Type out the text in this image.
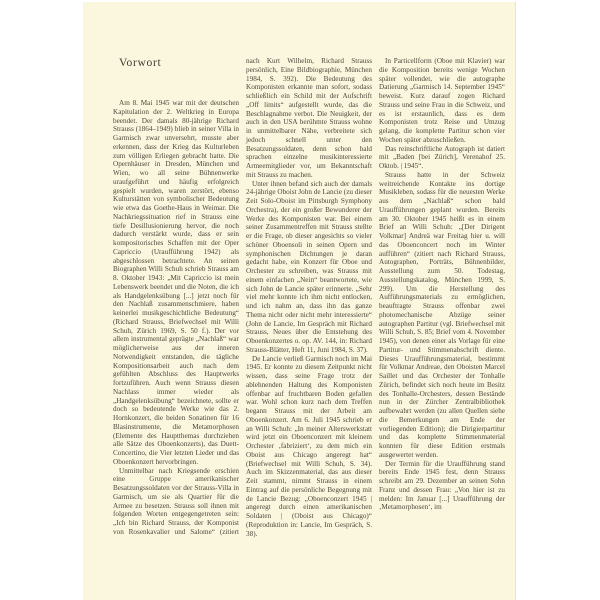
Vorwort

Am 8. Mai 1945 war mit der deutschen Kapitulation der 2. Weltkrieg in Europa beendet. Der damals 80-jährige Richard Strauss (1864–1949) blieb in seiner Villa in Garmisch zwar unversehrt, musste aber erkennen, dass der Krieg das Kulturleben zum völligen Erliegen gebracht hatte. Die Opernhäuser in Dresden, München und Wien, wo all seine Bühnenwerke uraufgeführt und häufig erfolgreich gespielt wurden, waren zerstört, ebenso Kulturstätten von symbolischer Bedeutung wie etwa das Goethe-Haus in Weimar. Die Nachkriegssituation rief in Strauss eine tiefe Desillusionierung hervor, die noch dadurch verstärkt wurde, dass er sein kompositorisches Schaffen mit der Oper Capriccio (Uraufführung 1942) als abgeschlossen betrachtete. An seinen Biographen Willi Schuh schrieb Strauss am 8. Oktober 1943: „Mit Capriccio ist mein Lebenswerk beendet und die Noten, die ich als Handgelenksübung [...] jetzt noch für den Nachlaß zusammenschmiere, haben keinerlei musikgeschichtliche Bedeutung“ (Richard Strauss, Briefwechsel mit Willi Schuh, Zürich 1969, S. 50 f.). Der vor allem instrumental geprägte „Nachlaß“ war möglicherweise aus der inneren Notwendigkeit entstanden, die tägliche Kompositionsarbeit auch nach dem gefühlten Abschluss des Hauptwerks fortzuführen. Auch wenn Strauss diesen Nachlass immer wieder als „Handgelenksübung“ bezeichnete, sollte er doch so bedeutende Werke wie das 2. Hornkonzert, die beiden Sonatinen für 16 Blasinstrumente, die Metamorphosen (Elemente des Hauptthemas durchziehen alle Sätze des Oboenkonzerts), das Duett-Concertino, die Vier letzten Lieder und das Oboenkonzert hervorbringen.

Unmittelbar nach Kriegsende erschien eine Gruppe amerikanischer Besatzungssoldaten vor der Strauss-Villa in Garmisch, um sie als Quartier für die Armee zu besetzen. Strauss soll ihnen mit folgenden Worten entgegengetreten sein: „Ich bin Richard Strauss, der Komponist von Rosenkavalier und Salome“ (zitiert nach Kurt Wilhelm, Richard Strauss persönlich, Eine Bildbiographie, München 1984, S. 392). Die Bedeutung des Komponisten erkannte man sofort, sodass schließlich ein Schild mit der Aufschrift „Off limits“ aufgestellt wurde, das die Beschlagnahme verbot. Die Neuigkeit, der auch in den USA berühmte Strauss wohne in unmittelbarer Nähe, verbreitete sich jedoch schnell unter den Besatzungssoldaten, denn schon bald sprachen einzelne musikinteressierte Armeemitglieder vor, um Bekanntschaft mit Strauss zu machen.

Unter ihnen befand sich auch der damals 24-jährige Oboist John de Lancie (zu dieser Zeit Solo-Oboist im Pittsburgh Symphony Orchestra), der ein großer Bewunderer der Werke des Komponisten war. Bei einem seiner Zusammentreffen mit Strauss stellte er die Frage, ob dieser angesichts so vieler schöner Oboensoli in seinen Opern und symphonischen Dichtungen je daran gedacht habe, ein Konzert für Oboe und Orchester zu schreiben, was Strauss mit einem einfachen „Nein“ beantwortete, wie sich John de Lancie später erinnerte. „Sehr viel mehr konnte ich ihm nicht entlocken, und ich nahm an, dass ihn das ganze Thema nicht oder nicht mehr interessierte“ (John de Lancie, Im Gespräch mit Richard Strauss, Neues über die Entstehung des Oboenkonzertes o. op. AV. 144, in: Richard Strauss-Blätter, Heft 11, Juni 1984, S. 37).

De Lancie verließ Garmisch noch im Mai 1945. Er konnte zu diesem Zeitpunkt nicht wissen, dass seine Frage trotz der ablehnenden Haltung des Komponisten offenbar auf fruchtbaren Boden gefallen war. Wohl schon kurz nach dem Treffen begann Strauss mit der Arbeit am Oboenkonzert. Am 6. Juli 1945 schrieb er an Willi Schuh: „In meiner Alterswerkstatt wird jetzt ein Oboenconzert mit kleinem Orchester ‚fabriziert‘, zu dem mich ein Oboist aus Chicago angeregt hat“ (Briefwechsel mit Willi Schuh, S. 34). Auch im Skizzenmaterial, das aus dieser Zeit stammt, nimmt Strauss in einem Eintrag auf die persönliche Begegnung mit de Lancie Bezug: „Oboenconzert 1945 | angeregt durch einen amerikanischen Soldaten | (Oboist aus Chicago)“ (Reproduktion in: Lancie, Im Gespräch, S. 38).

In Particellform (Oboe mit Klavier) war die Komposition bereits wenige Wochen später vollendet, wie die autographe Datierung „Garmisch 14. September 1945“ beweist. Kurz darauf zogen Richard Strauss und seine Frau in die Schweiz, und es ist erstaunlich, dass es dem Komponisten trotz Reise und Umzug gelang, die komplette Partitur schon vier Wochen später abzuschließen.

Das reinschriftliche Autograph ist datiert mit „Baden [bei Zürich], Verenahof 25. Oktob. | 1945“.

Strauss hatte in der Schweiz weitreichende Kontakte ins dortige Musikleben, sodass für die neuesten Werke aus dem „Nachlaß“ schon bald Uraufführungen geplant wurden. Bereits am 30. Oktober 1945 heißt es in einem Brief an Willi Schuh: „[Der Dirigent Volkmar] Andreä war Freitag hier u. will das Oboenconcert noch im Winter aufführen“ (zitiert nach Richard Strauss, Autographen, Porträts, Bühnenbilder, Ausstellung zum 50. Todestag, Ausstellungskatalog, München 1999, S. 299). Um die Herstellung des Aufführungsmaterials zu ermöglichen, beauftragte Strauss offenbar zwei photomechanische Abzüge seiner autographen Partitur (vgl. Briefwechsel mit Willi Schuh, S. 85; Brief vom 4. November 1945), von denen einer als Vorlage für eine Partitur- und Stimmenabschrift diente. Dieses Uraufführungsmaterial, bestimmt für Volkmar Andreae, den Oboisten Marcel Saillet und das Orchester der Tonhalle Zürich, befindet sich noch heute im Besitz des Tonhalle-Orchesters, dessen Bestände nun in der Zürcher Zentralbibliothek aufbewahrt werden (zu allen Quellen siehe die Bemerkungen am Ende der vorliegenden Edition); die Dirigierpartitur und das komplette Stimmenmaterial konnten für diese Edition erstmals ausgewertet werden.

Der Termin für die Uraufführung stand bereits Ende 1945 fest, denn Strauss schreibt am 29. Dezember an seinen Sohn Franz und dessen Frau: „Von hier ist zu melden: Im Januar [...] Uraufführung der ‚Metamorphosen‘, im
